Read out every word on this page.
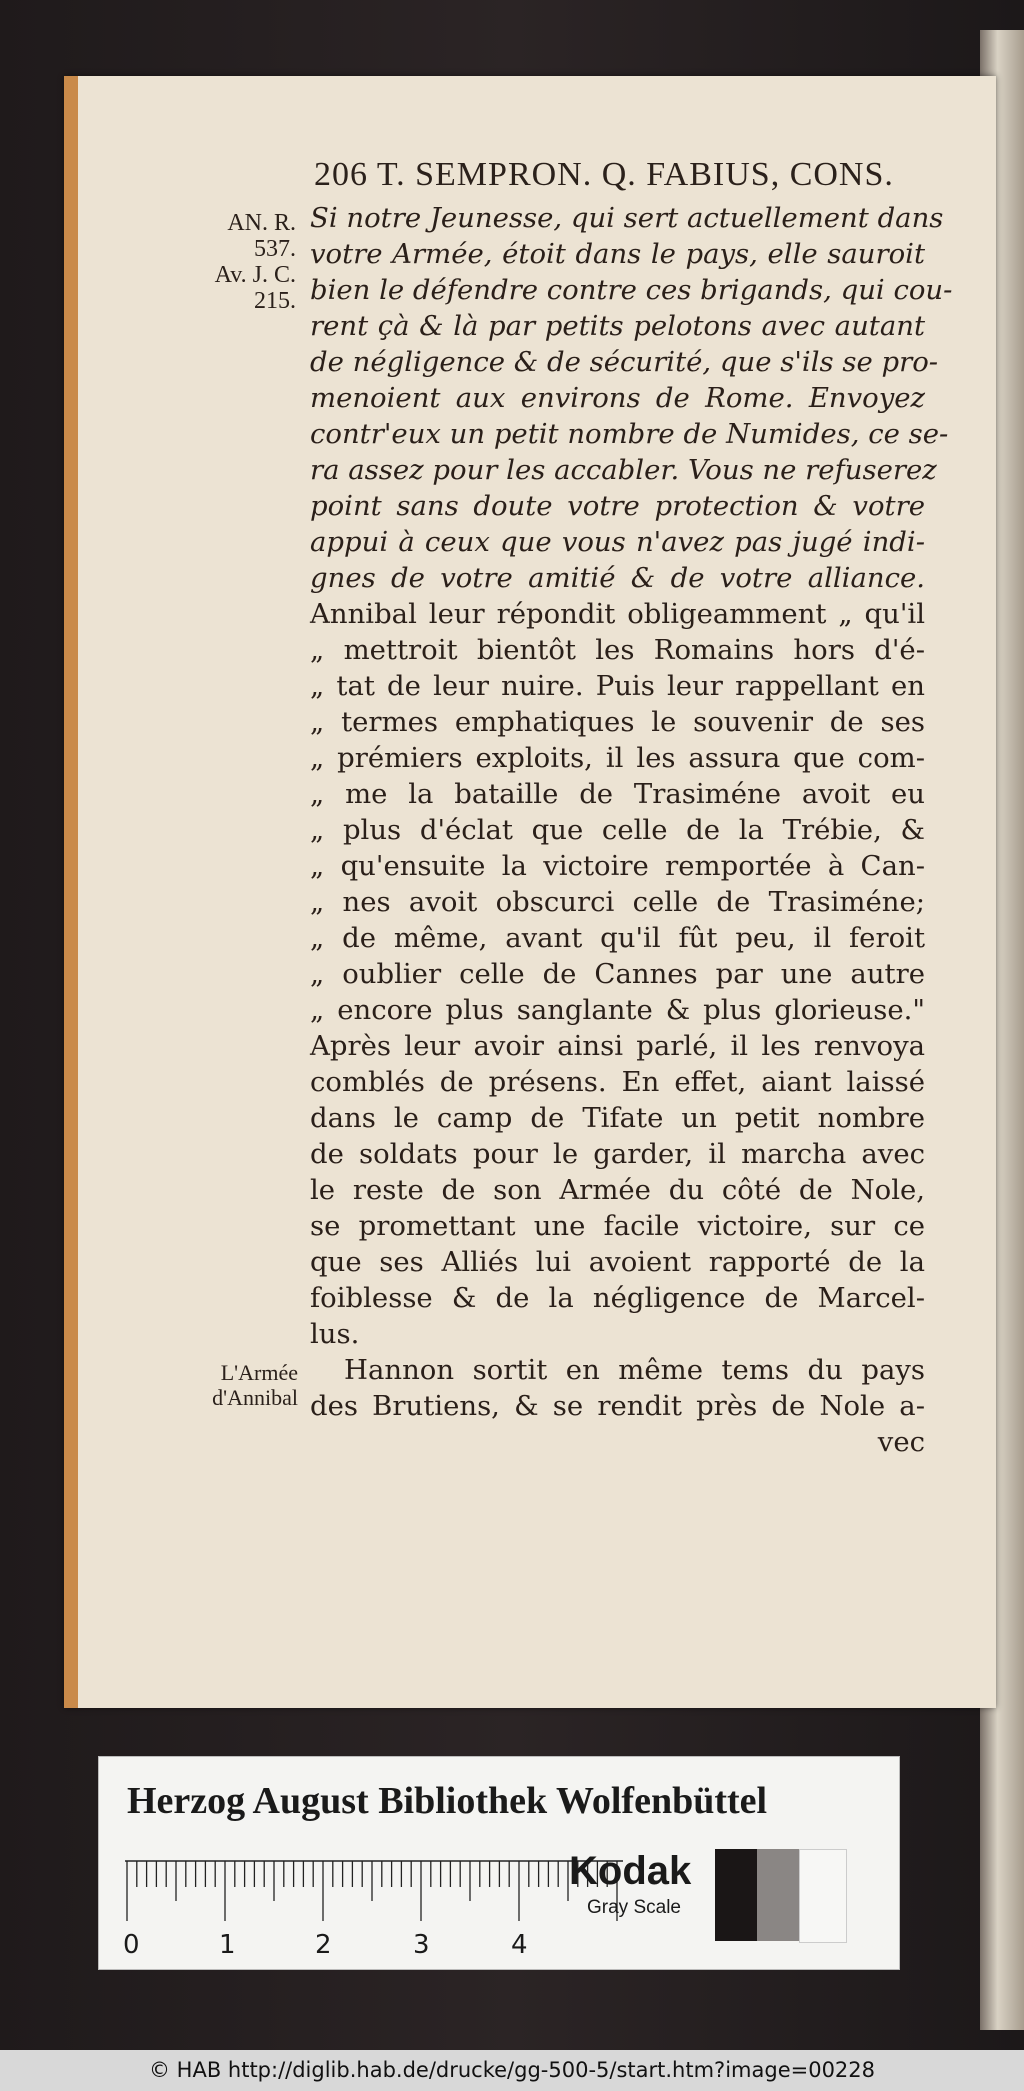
206 T. SEMPRON. Q. FABIUS, CONS.
AN. R.
537.
Av. J. C.
215.
L'Armée
d'Annibal
Si notre Jeunesse, qui sert actuellement dans
votre Armée, étoit dans le pays, elle sauroit
bien le défendre contre ces brigands, qui cou-
rent çà & là par petits pelotons avec autant
de négligence & de sécurité, que s'ils se pro-
menoient aux environs de Rome. Envoyez
contr'eux un petit nombre de Numides, ce se-
ra assez pour les accabler. Vous ne refuserez
point sans doute votre protection & votre
appui à ceux que vous n'avez pas jugé indi-
gnes de votre amitié & de votre alliance.
Annibal leur répondit obligeamment „ qu'il
„ mettroit bientôt les Romains hors d'é-
„ tat de leur nuire. Puis leur rappellant en
„ termes emphatiques le souvenir de ses
„ prémiers exploits, il les assura que com-
„ me la bataille de Trasiméne avoit eu
„ plus d'éclat que celle de la Trébie, &
„ qu'ensuite la victoire remportée à Can-
„ nes avoit obscurci celle de Trasiméne;
„ de même, avant qu'il fût peu, il feroit
„ oublier celle de Cannes par une autre
„ encore plus sanglante & plus glorieuse."
Après leur avoir ainsi parlé, il les renvoya
comblés de présens. En effet, aiant laissé
dans le camp de Tifate un petit nombre
de soldats pour le garder, il marcha avec
le reste de son Armée du côté de Nole,
se promettant une facile victoire, sur ce
que ses Alliés lui avoient rapporté de la
foiblesse & de la négligence de Marcel-
lus.
Hannon sortit en même tems du pays
des Brutiens, & se rendit près de Nole a-
vec
Herzog August Bibliothek Wolfenbüttel
0	1	2	3	4
Kodak
Gray Scale
© HAB http://diglib.hab.de/drucke/gg-500-5/start.htm?image=00228
